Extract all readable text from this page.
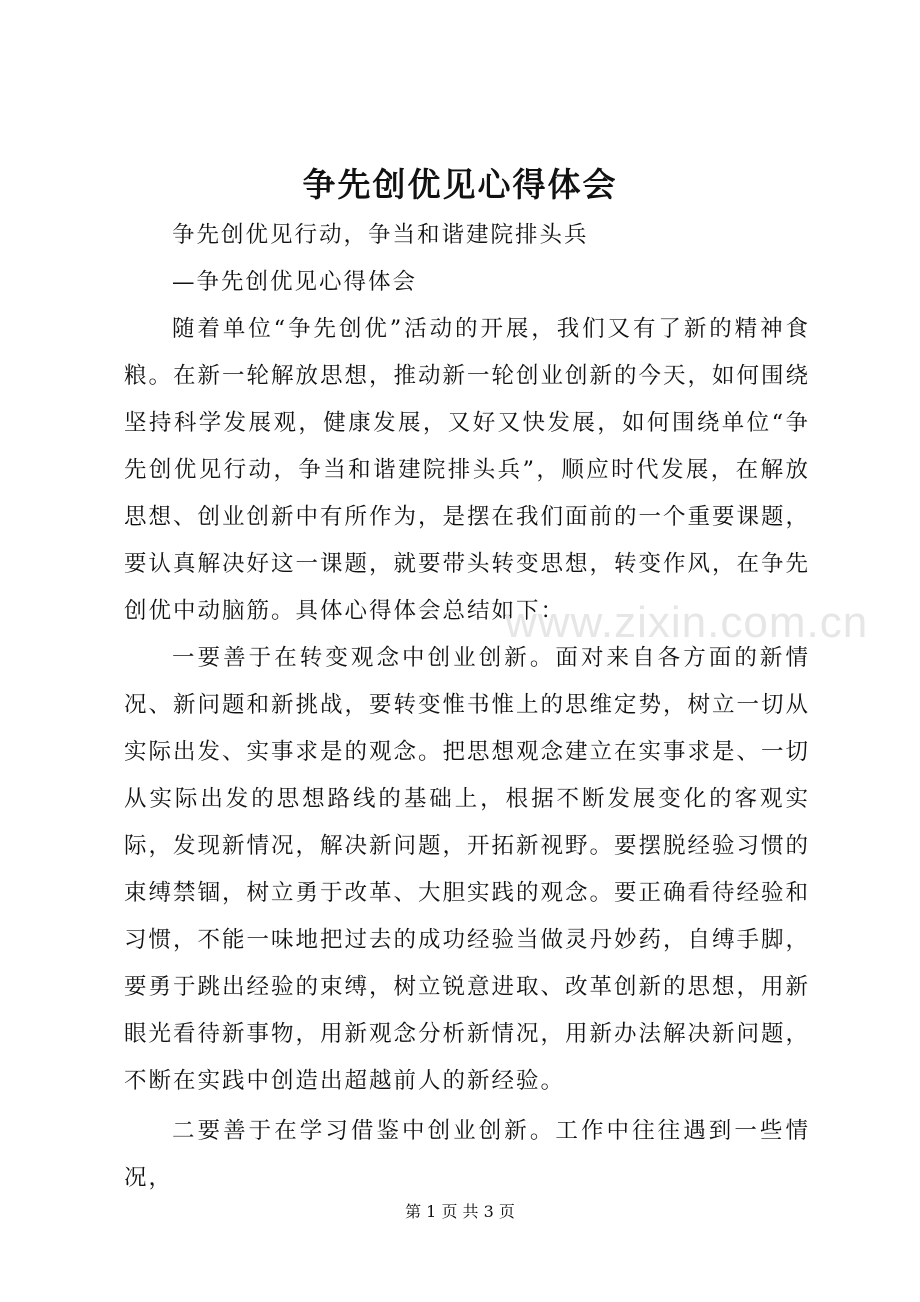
争先创优见心得体会

争先创优见行动，争当和谐建院排头兵

—争先创优见心得体会

随着单位“争先创优”活动的开展，我们又有了新的精神食粮。在新一轮解放思想，推动新一轮创业创新的今天，如何围绕坚持科学发展观，健康发展，又好又快发展，如何围绕单位“争先创优见行动，争当和谐建院排头兵”，顺应时代发展，在解放思想、创业创新中有所作为，是摆在我们面前的一个重要课题，要认真解决好这一课题，就要带头转变思想，转变作风，在争先创优中动脑筋。具体心得体会总结如下：

一要善于在转变观念中创业创新。面对来自各方面的新情况、新问题和新挑战，要转变惟书惟上的思维定势，树立一切从实际出发、实事求是的观念。把思想观念建立在实事求是、一切从实际出发的思想路线的基础上，根据不断发展变化的客观实际，发现新情况，解决新问题，开拓新视野。要摆脱经验习惯的束缚禁锢，树立勇于改革、大胆实践的观念。要正确看待经验和习惯，不能一味地把过去的成功经验当做灵丹妙药，自缚手脚，要勇于跳出经验的束缚，树立锐意进取、改革创新的思想，用新眼光看待新事物，用新观念分析新情况，用新办法解决新问题，不断在实践中创造出超越前人的新经验。

二要善于在学习借鉴中创业创新。工作中往往遇到一些情况，

www.zixin.com.cn
第 1 页 共 3 页
